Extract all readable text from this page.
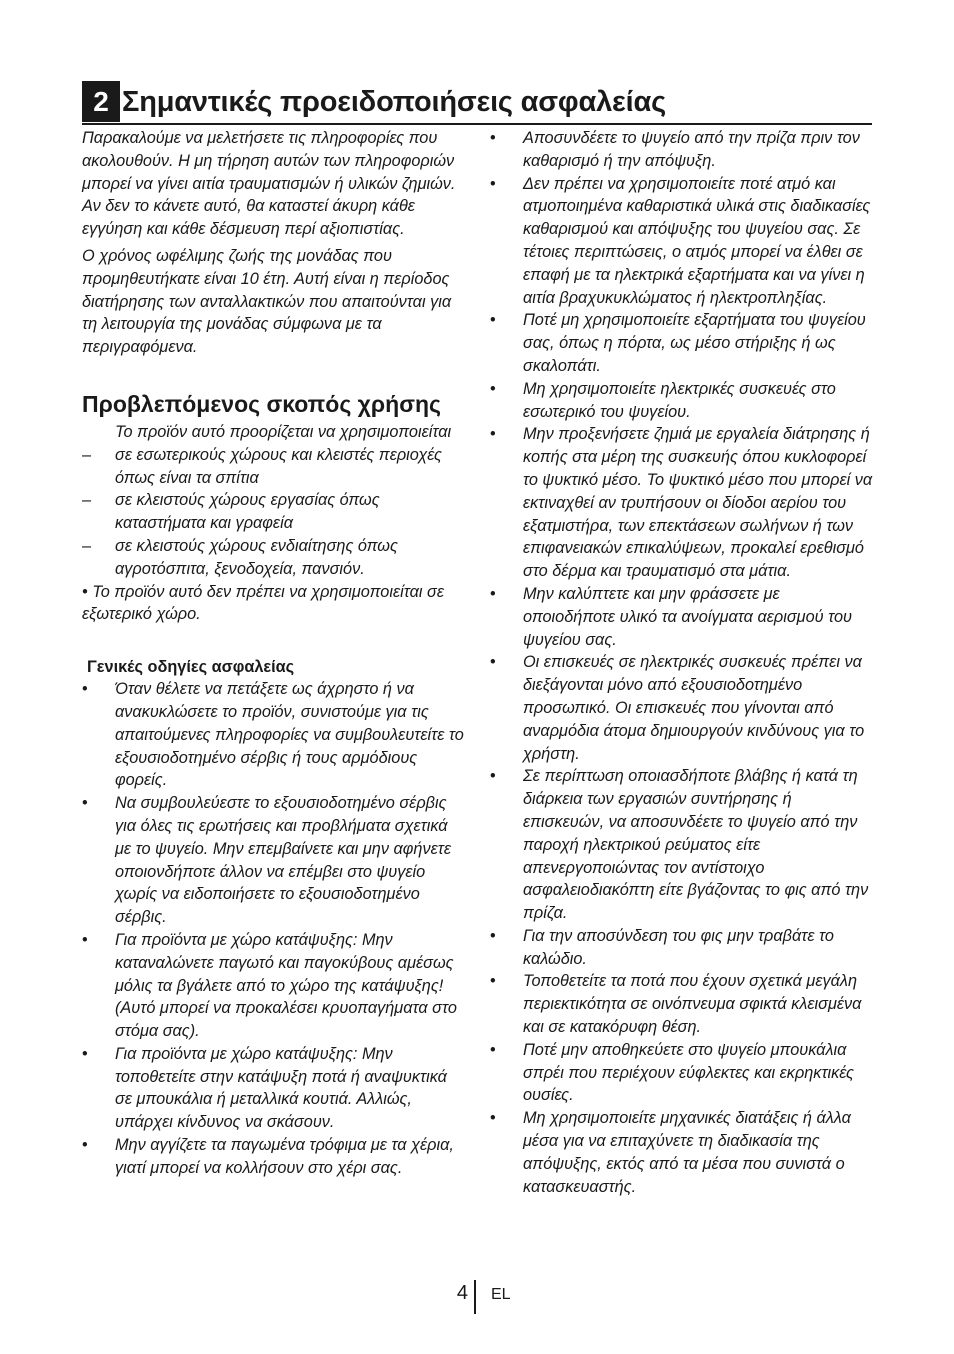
2 Σημαντικές προειδοποιήσεις ασφαλείας

Παρακαλούμε να μελετήσετε τις πληροφορίες που ακολουθούν. Η μη τήρηση αυτών των πληροφοριών μπορεί να γίνει αιτία τραυματισμών ή υλικών ζημιών. Αν δεν το κάνετε αυτό, θα καταστεί άκυρη κάθε εγγύηση και κάθε δέσμευση περί αξιοπιστίας.

Ο χρόνος ωφέλιμης ζωής της μονάδας που προμηθευτήκατε είναι 10 έτη. Αυτή είναι η περίοδος διατήρησης των ανταλλακτικών που απαιτούνται για τη λειτουργία της μονάδας σύμφωνα με τα περιγραφόμενα.

Προβλεπόμενος σκοπός χρήσης
Το προϊόν αυτό προορίζεται να χρησιμοποιείται
– σε εσωτερικούς χώρους και κλειστές περιοχές όπως είναι τα σπίτια
– σε κλειστούς χώρους εργασίας όπως καταστήματα και γραφεία
– σε κλειστούς χώρους ενδιαίτησης όπως αγροτόσπιτα, ξενοδοχεία, πανσιόν.

• Το προϊόν αυτό δεν πρέπει να χρησιμοποιείται σε εξωτερικό χώρο.

Γενικές οδηγίες ασφαλείας
• Όταν θέλετε να πετάξετε ως άχρηστο ή να ανακυκλώσετε το προϊόν, συνιστούμε για τις απαιτούμενες πληροφορίες να συμβουλευτείτε το εξουσιοδοτημένο σέρβις ή τους αρμόδιους φορείς.
• Να συμβουλεύεστε το εξουσιοδοτημένο σέρβις για όλες τις ερωτήσεις και προβλήματα σχετικά με το ψυγείο. Μην επεμβαίνετε και μην αφήνετε οποιονδήποτε άλλον να επέμβει στο ψυγείο χωρίς να ειδοποιήσετε το εξουσιοδοτημένο σέρβις.
• Για προϊόντα με χώρο κατάψυξης: Μην καταναλώνετε παγωτό και παγοκύβους αμέσως μόλις τα βγάλετε από το χώρο της κατάψυξης! (Αυτό μπορεί να προκαλέσει κρυοπαγήματα στο στόμα σας).
• Για προϊόντα με χώρο κατάψυξης: Μην τοποθετείτε στην κατάψυξη ποτά ή αναψυκτικά σε μπουκάλια ή μεταλλικά κουτιά. Αλλιώς, υπάρχει κίνδυνος να σκάσουν.
• Μην αγγίζετε τα παγωμένα τρόφιμα με τα χέρια, γιατί μπορεί να κολλήσουν στο χέρι σας.
• Αποσυνδέετε το ψυγείο από την πρίζα πριν τον καθαρισμό ή την απόψυξη.
• Δεν πρέπει να χρησιμοποιείτε ποτέ ατμό και ατμοποιημένα καθαριστικά υλικά στις διαδικασίες καθαρισμού και απόψυξης του ψυγείου σας. Σε τέτοιες περιπτώσεις, ο ατμός μπορεί να έλθει σε επαφή με τα ηλεκτρικά εξαρτήματα και να γίνει η αιτία βραχυκυκλώματος ή ηλεκτροπληξίας.
• Ποτέ μη χρησιμοποιείτε εξαρτήματα του ψυγείου σας, όπως η πόρτα, ως μέσο στήριξης ή ως σκαλοπάτι.
• Μη χρησιμοποιείτε ηλεκτρικές συσκευές στο εσωτερικό του ψυγείου.
• Μην προξενήσετε ζημιά με εργαλεία διάτρησης ή κοπής στα μέρη της συσκευής όπου κυκλοφορεί το ψυκτικό μέσο. Το ψυκτικό μέσο που μπορεί να εκτιναχθεί αν τρυπήσουν οι δίοδοι αερίου του εξατμιστήρα, των επεκτάσεων σωλήνων ή των επιφανειακών επικαλύψεων, προκαλεί ερεθισμό στο δέρμα και τραυματισμό στα μάτια.
• Μην καλύπτετε και μην φράσσετε με οποιοδήποτε υλικό τα ανοίγματα αερισμού του ψυγείου σας.
• Οι επισκευές σε ηλεκτρικές συσκευές πρέπει να διεξάγονται μόνο από εξουσιοδοτημένο προσωπικό. Οι επισκευές που γίνονται από αναρμόδια άτομα δημιουργούν κινδύνους για το χρήστη.
• Σε περίπτωση οποιασδήποτε βλάβης ή κατά τη διάρκεια των εργασιών συντήρησης ή επισκευών, να αποσυνδέετε το ψυγείο από την παροχή ηλεκτρικού ρεύματος είτε απενεργοποιώντας τον αντίστοιχο ασφαλειοδιακόπτη είτε βγάζοντας το φις από την πρίζα.
• Για την αποσύνδεση του φις μην τραβάτε το καλώδιο.
• Τοποθετείτε τα ποτά που έχουν σχετικά μεγάλη περιεκτικότητα σε οινόπνευμα σφικτά κλεισμένα και σε κατακόρυφη θέση.
• Ποτέ μην αποθηκεύετε στο ψυγείο μπουκάλια σπρέι που περιέχουν εύφλεκτες και εκρηκτικές ουσίες.
• Μη χρησιμοποιείτε μηχανικές διατάξεις ή άλλα μέσα για να επιταχύνετε τη διαδικασία της απόψυξης, εκτός από τα μέσα που συνιστά ο κατασκευαστής.
4 EL
